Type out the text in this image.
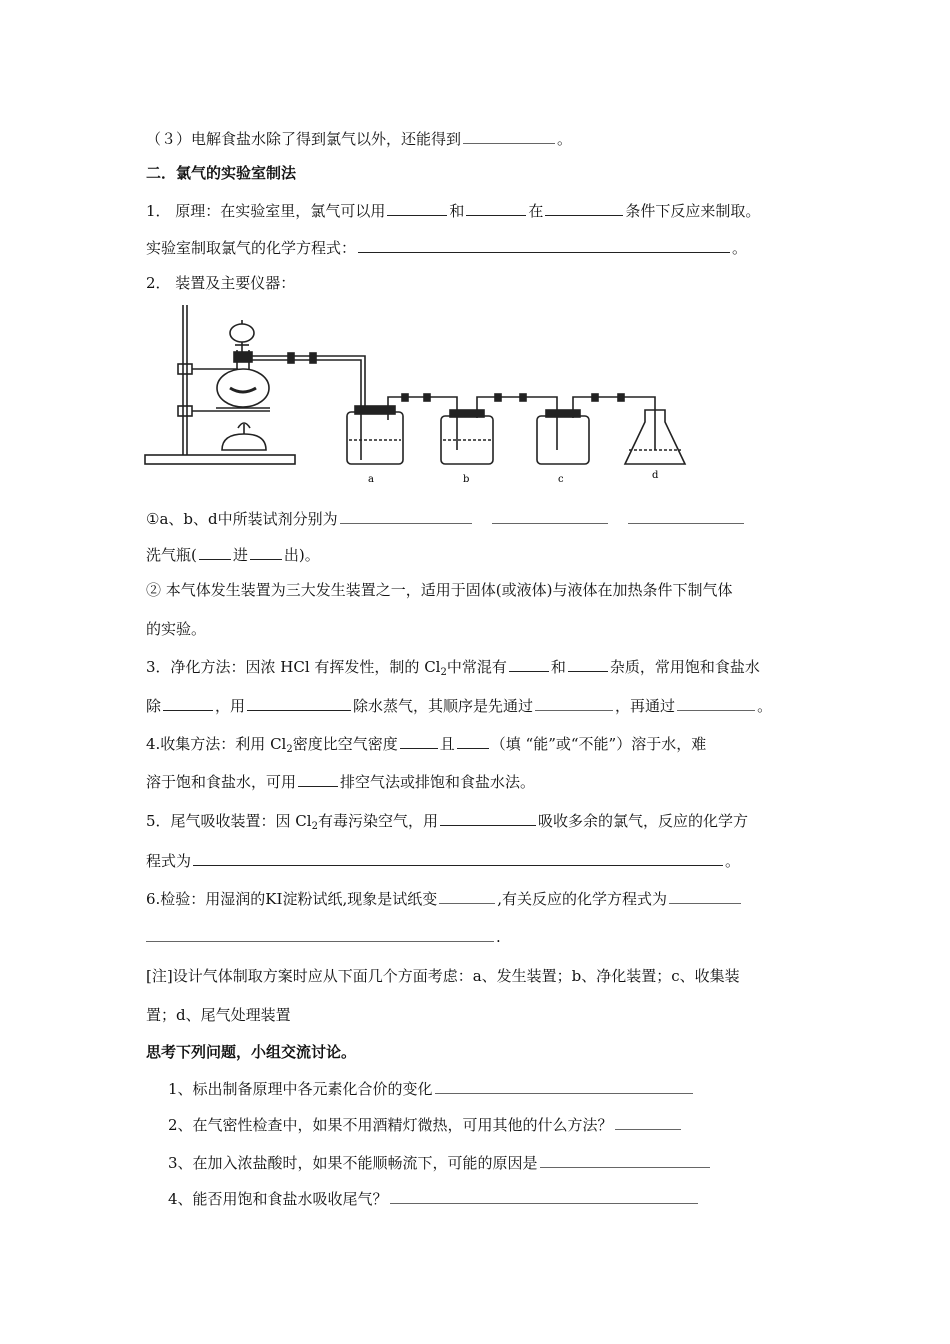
（３）电解食盐水除了得到氯气以外，还能得到	。
二．氯气的实验室制法
1． 原理：在实验室里，氯气可以用	和	在	条件下反应来制取。
实验室制取氯气的化学方程式：	。
2． 装置及主要仪器：
a	b	c	d
①a、b、d中所装试剂分别为
洗气瓶( 进 出)。
② 本气体发生装置为三大发生装置之一，适用于固体(或液体)与液体在加热条件下制气体
的实验。
3．净化方法：因浓 HCl 有挥发性，制的 $Cl_2$中常混有	和	杂质，常用饱和食盐水
除	，用	除水蒸气，其顺序是先通过	，再通过	。
4.收集方法：利用 $Cl_2$密度比空气密度	且 （填 “能”或“不能”）溶于水，难
溶于饱和食盐水，可用	排空气法或排饱和食盐水法。
5．尾气吸收装置：因 $Cl_2$有毒污染空气，用	吸收多余的氯气，反应的化学方
程式为	。
6.检验：用湿润的KI淀粉试纸,现象是试纸变	,有关反应的化学方程式为
.
[注]设计气体制取方案时应从下面几个方面考虑：a、发生装置；b、净化装置；c、收集装
置；d、尾气处理装置
思考下列问题，小组交流讨论。
1、标出制备原理中各元素化合价的变化
2、在气密性检查中，如果不用酒精灯微热，可用其他的什么方法？
3、在加入浓盐酸时，如果不能顺畅流下，可能的原因是
4、能否用饱和食盐水吸收尾气？
